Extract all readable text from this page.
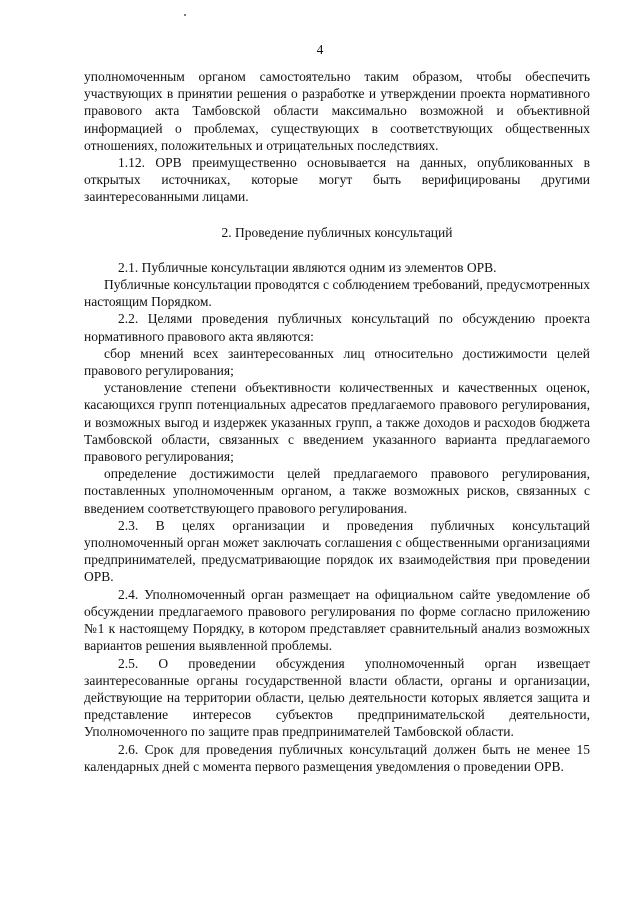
4

уполномоченным органом самостоятельно таким образом, чтобы обеспечить участвующих в принятии решения о разработке и утверждении проекта нормативного правового акта Тамбовской области максимально возможной и объективной информацией о проблемах, существующих в соответствующих общественных отношениях, положительных и отрицательных последствиях.

1.12. ОРВ преимущественно основывается на данных, опубликованных в открытых источниках, которые могут быть верифицированы другими заинтересованными лицами.

2. Проведение публичных консультаций

2.1. Публичные консультации являются одним из элементов ОРВ.

Публичные консультации проводятся с соблюдением требований, предусмотренных настоящим Порядком.

2.2. Целями проведения публичных консультаций по обсуждению проекта нормативного правового акта являются:

сбор мнений всех заинтересованных лиц относительно достижимости целей правового регулирования;

установление степени объективности количественных и качественных оценок, касающихся групп потенциальных адресатов предлагаемого правового регулирования, и возможных выгод и издержек указанных групп, а также доходов и расходов бюджета Тамбовской области, связанных с введением указанного варианта предлагаемого правового регулирования;

определение достижимости целей предлагаемого правового регулирования, поставленных уполномоченным органом, а также возможных рисков, связанных с введением соответствующего правового регулирования.

2.3. В целях организации и проведения публичных консультаций уполномоченный орган может заключать соглашения с общественными организациями предпринимателей, предусматривающие порядок их взаимодействия при проведении ОРВ.

2.4. Уполномоченный орган размещает на официальном сайте уведомление об обсуждении предлагаемого правового регулирования по форме согласно приложению №1 к настоящему Порядку, в котором представляет сравнительный анализ возможных вариантов решения выявленной проблемы.

2.5. О проведении обсуждения уполномоченный орган извещает заинтересованные органы государственной власти области, органы и организации, действующие на территории области, целью деятельности которых является защита и представление интересов субъектов предпринимательской деятельности, Уполномоченного по защите прав предпринимателей Тамбовской области.

2.6. Срок для проведения публичных консультаций должен быть не менее 15 календарных дней с момента первого размещения уведомления о проведении ОРВ.
